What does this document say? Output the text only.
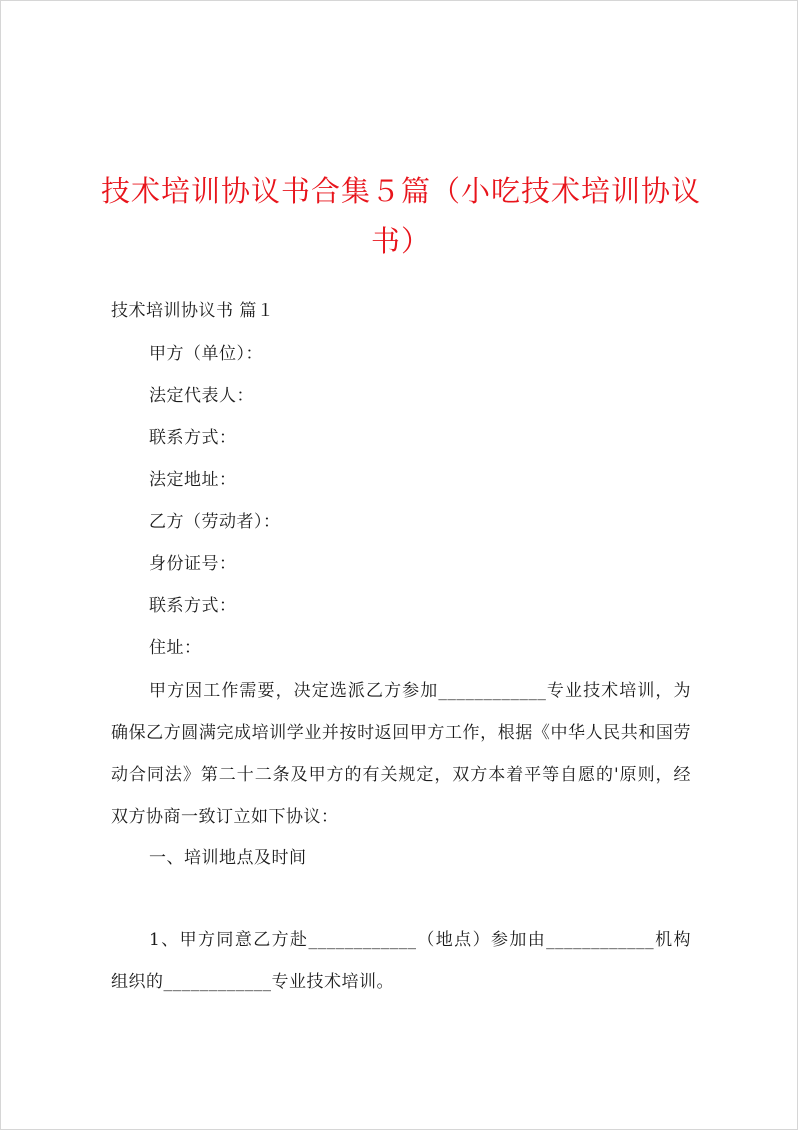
技术培训协议书合集５篇（小吃技术培训协议书）
技术培训协议书 篇１
甲方（单位）：
法定代表人：
联系方式：
法定地址：
乙方（劳动者）：
身份证号：
联系方式：
住址：
甲方因工作需要，决定选派乙方参加____________专业技术培训，为确保乙方圆满完成培训学业并按时返回甲方工作，根据《中华人民共和国劳动合同法》第二十二条及甲方的有关规定，双方本着平等自愿的'原则，经双方协商一致订立如下协议：
一、培训地点及时间
1、甲方同意乙方赴____________（地点）参加由____________机构组织的____________专业技术培训。
